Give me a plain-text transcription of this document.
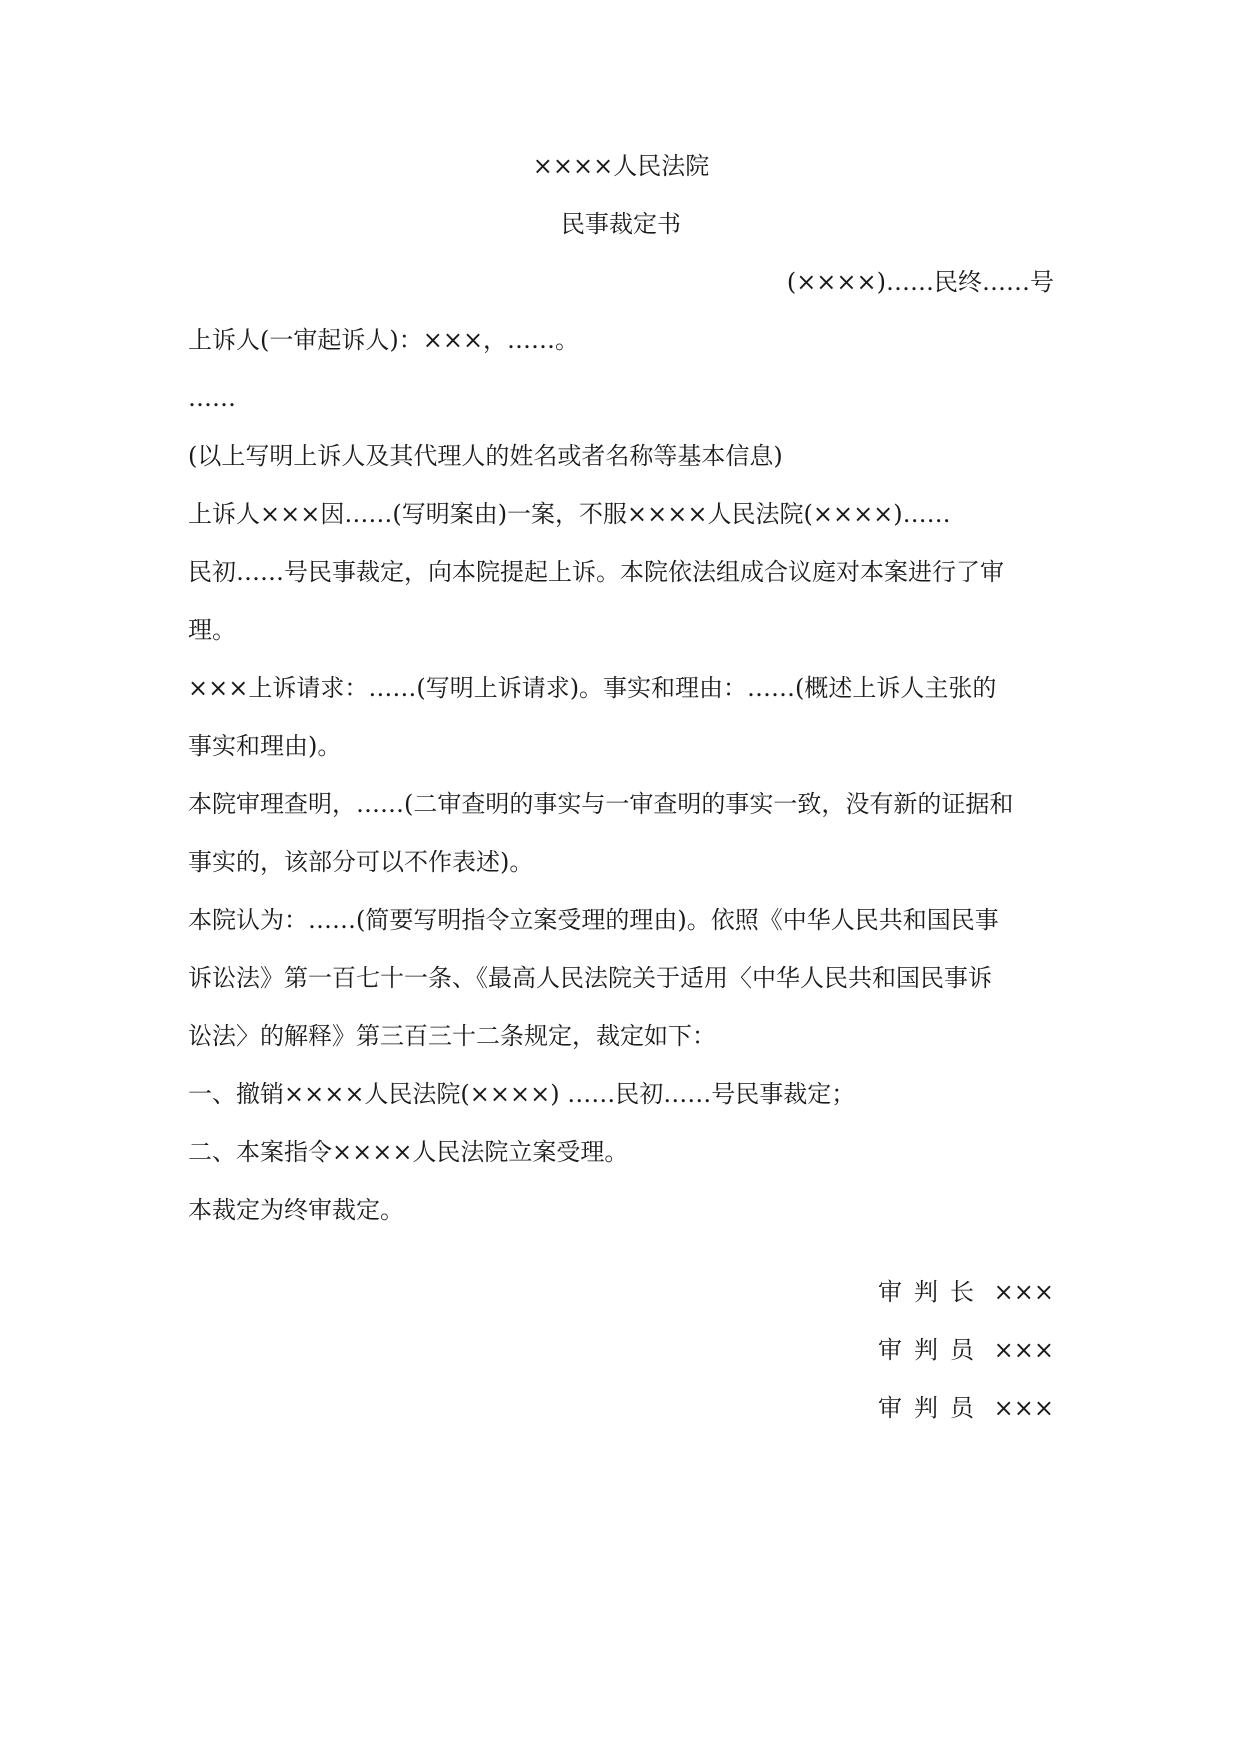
××××人民法院
民事裁定书
(××××)……民终……号
上诉人(一审起诉人)：×××，……。
……
(以上写明上诉人及其代理人的姓名或者名称等基本信息)
上诉人×××因……(写明案由)一案，不服××××人民法院(××××)……
民初……号民事裁定，向本院提起上诉。本院依法组成合议庭对本案进行了审
理。
×××上诉请求：……(写明上诉请求)。事实和理由：……(概述上诉人主张的
事实和理由)。
本院审理查明，……(二审查明的事实与一审查明的事实一致，没有新的证据和
事实的，该部分可以不作表述)。
本院认为：……(简要写明指令立案受理的理由)。依照《中华人民共和国民事
诉讼法》第一百七十一条、《最高人民法院关于适用〈中华人民共和国民事诉
讼法〉的解释》第三百三十二条规定，裁定如下：
一、撤销××××人民法院(××××) ……民初……号民事裁定；
二、本案指令××××人民法院立案受理。
本裁定为终审裁定。
审判长 ×××
审判员 ×××
审判员 ×××
